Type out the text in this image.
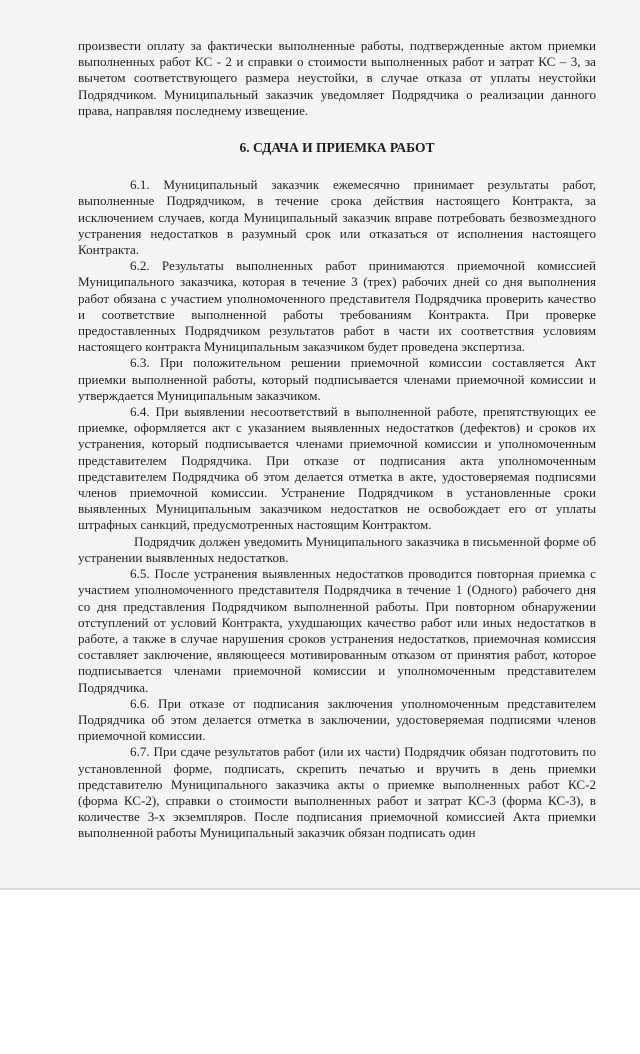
произвести оплату за фактически выполненные работы, подтвержденные актом приемки выполненных работ КС - 2 и справки о стоимости выполненных работ и затрат КС – 3, за вычетом соответствующего размера неустойки, в случае отказа от уплаты неустойки Подрядчиком. Муниципальный заказчик уведомляет Подрядчика о реализации данного права, направляя последнему извещение.

6. СДАЧА И ПРИЕМКА РАБОТ

6.1. Муниципальный заказчик ежемесячно принимает результаты работ, выполненные Подрядчиком, в течение срока действия настоящего Контракта, за исключением случаев, когда Муниципальный заказчик вправе потребовать безвозмездного устранения недостатков в разумный срок или отказаться от исполнения настоящего Контракта.

6.2. Результаты выполненных работ принимаются приемочной комиссией Муниципального заказчика, которая в течение 3 (трех) рабочих дней со дня выполнения работ обязана с участием уполномоченного представителя Подрядчика проверить качество и соответствие выполненной работы требованиям Контракта. При проверке предоставленных Подрядчиком результатов работ в части их соответствия условиям настоящего контракта Муниципальным заказчиком будет проведена экспертиза.

6.3. При положительном решении приемочной комиссии составляется Акт приемки выполненной работы, который подписывается членами приемочной комиссии и утверждается Муниципальным заказчиком.

6.4. При выявлении несоответствий в выполненной работе, препятствующих ее приемке, оформляется акт с указанием выявленных недостатков (дефектов) и сроков их устранения, который подписывается членами приемочной комиссии и уполномоченным представителем Подрядчика. При отказе от подписания акта уполномоченным представителем Подрядчика об этом делается отметка в акте, удостоверяемая подписями членов приемочной комиссии. Устранение Подрядчиком в установленные сроки выявленных Муниципальным заказчиком недостатков не освобождает его от уплаты штрафных санкций, предусмотренных настоящим Контрактом.

Подрядчик должен уведомить Муниципального заказчика в письменной форме об устранении выявленных недостатков.

6.5. После устранения выявленных недостатков проводится повторная приемка с участием уполномоченного представителя Подрядчика в течение 1 (Одного) рабочего дня со дня представления Подрядчиком выполненной работы. При повторном обнаружении отступлений от условий Контракта, ухудшающих качество работ или иных недостатков в работе, а также в случае нарушения сроков устранения недостатков, приемочная комиссия составляет заключение, являющееся мотивированным отказом от принятия работ, которое подписывается членами приемочной комиссии и уполномоченным представителем Подрядчика.

6.6. При отказе от подписания заключения уполномоченным представителем Подрядчика об этом делается отметка в заключении, удостоверяемая подписями членов приемочной комиссии.

6.7. При сдаче результатов работ (или их части) Подрядчик обязан подготовить по установленной форме, подписать, скрепить печатью и вручить в день приемки представителю Муниципального заказчика акты о приемке выполненных работ КС-2 (форма КС-2), справки о стоимости выполненных работ и затрат КС-3 (форма КС-3), в количестве 3-х экземпляров. После подписания приемочной комиссией Акта приемки выполненной работы Муниципальный заказчик обязан подписать один
